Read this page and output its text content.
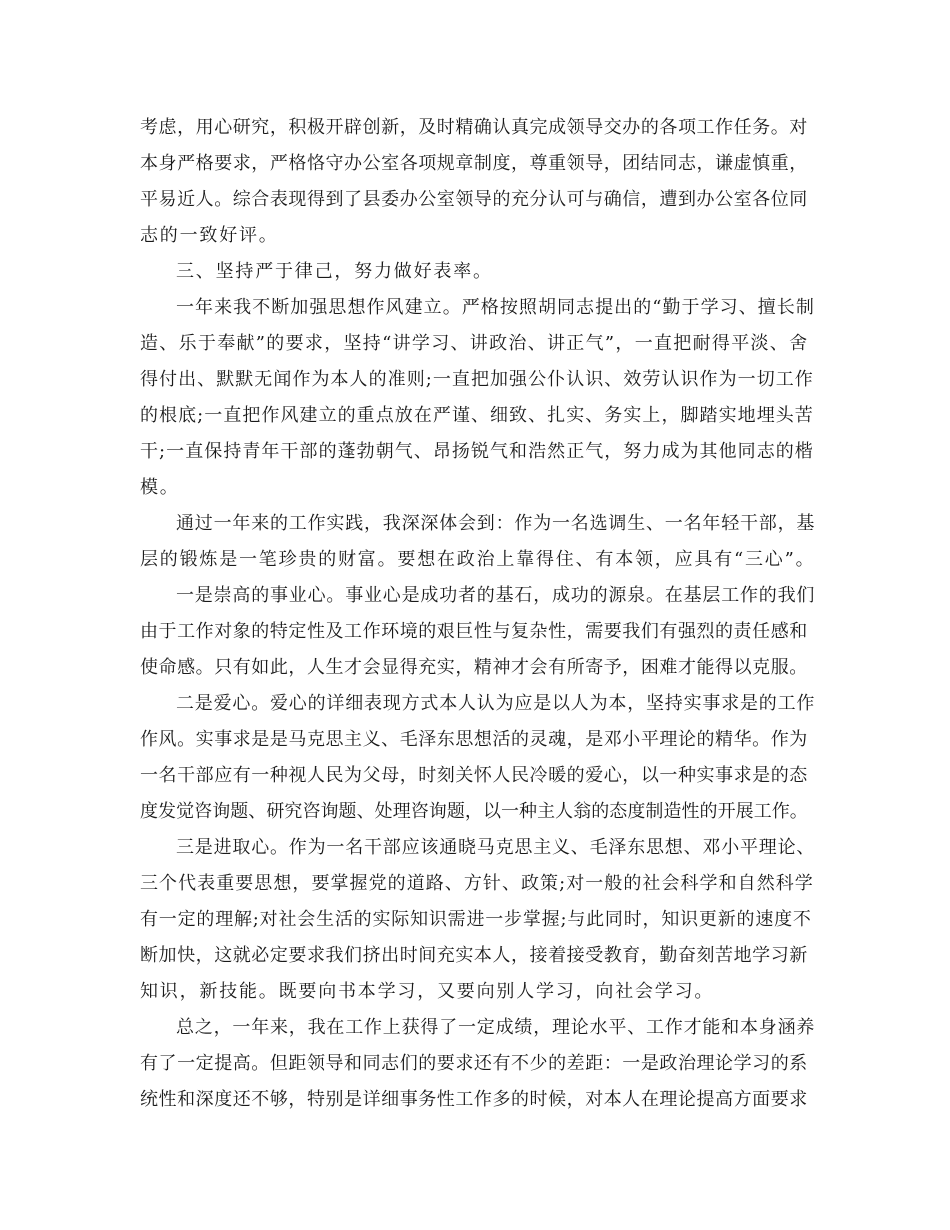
考虑，用心研究，积极开辟创新，及时精确认真完成领导交办的各项工作任务。对
本身严格要求，严格恪守办公室各项规章制度，尊重领导，团结同志，谦虚慎重，
平易近人。综合表现得到了县委办公室领导的充分认可与确信，遭到办公室各位同
志的一致好评。
三、坚持严于律己，努力做好表率。
一年来我不断加强思想作风建立。严格按照胡同志提出的“勤于学习、擅长制
造、乐于奉献”的要求，坚持“讲学习、讲政治、讲正气”，一直把耐得平淡、舍
得付出、默默无闻作为本人的准则;一直把加强公仆认识、效劳认识作为一切工作
的根底;一直把作风建立的重点放在严谨、细致、扎实、务实上，脚踏实地埋头苦
干;一直保持青年干部的蓬勃朝气、昂扬锐气和浩然正气，努力成为其他同志的楷
模。
通过一年来的工作实践，我深深体会到：作为一名选调生、一名年轻干部，基
层的锻炼是一笔珍贵的财富。要想在政治上靠得住、有本领，应具有“三心”。
一是崇高的事业心。事业心是成功者的基石，成功的源泉。在基层工作的我们
由于工作对象的特定性及工作环境的艰巨性与复杂性，需要我们有强烈的责任感和
使命感。只有如此，人生才会显得充实，精神才会有所寄予，困难才能得以克服。
二是爱心。爱心的详细表现方式本人认为应是以人为本，坚持实事求是的工作
作风。实事求是是马克思主义、毛泽东思想活的灵魂，是邓小平理论的精华。作为
一名干部应有一种视人民为父母，时刻关怀人民冷暖的爱心，以一种实事求是的态
度发觉咨询题、研究咨询题、处理咨询题，以一种主人翁的态度制造性的开展工作。
三是进取心。作为一名干部应该通晓马克思主义、毛泽东思想、邓小平理论、
三个代表重要思想，要掌握党的道路、方针、政策;对一般的社会科学和自然科学
有一定的理解;对社会生活的实际知识需进一步掌握;与此同时，知识更新的速度不
断加快，这就必定要求我们挤出时间充实本人，接着接受教育，勤奋刻苦地学习新
知识，新技能。既要向书本学习，又要向别人学习，向社会学习。
总之，一年来，我在工作上获得了一定成绩，理论水平、工作才能和本身涵养
有了一定提高。但距领导和同志们的要求还有不少的差距：一是政治理论学习的系
统性和深度还不够，特别是详细事务性工作多的时候，对本人在理论提高方面要求
